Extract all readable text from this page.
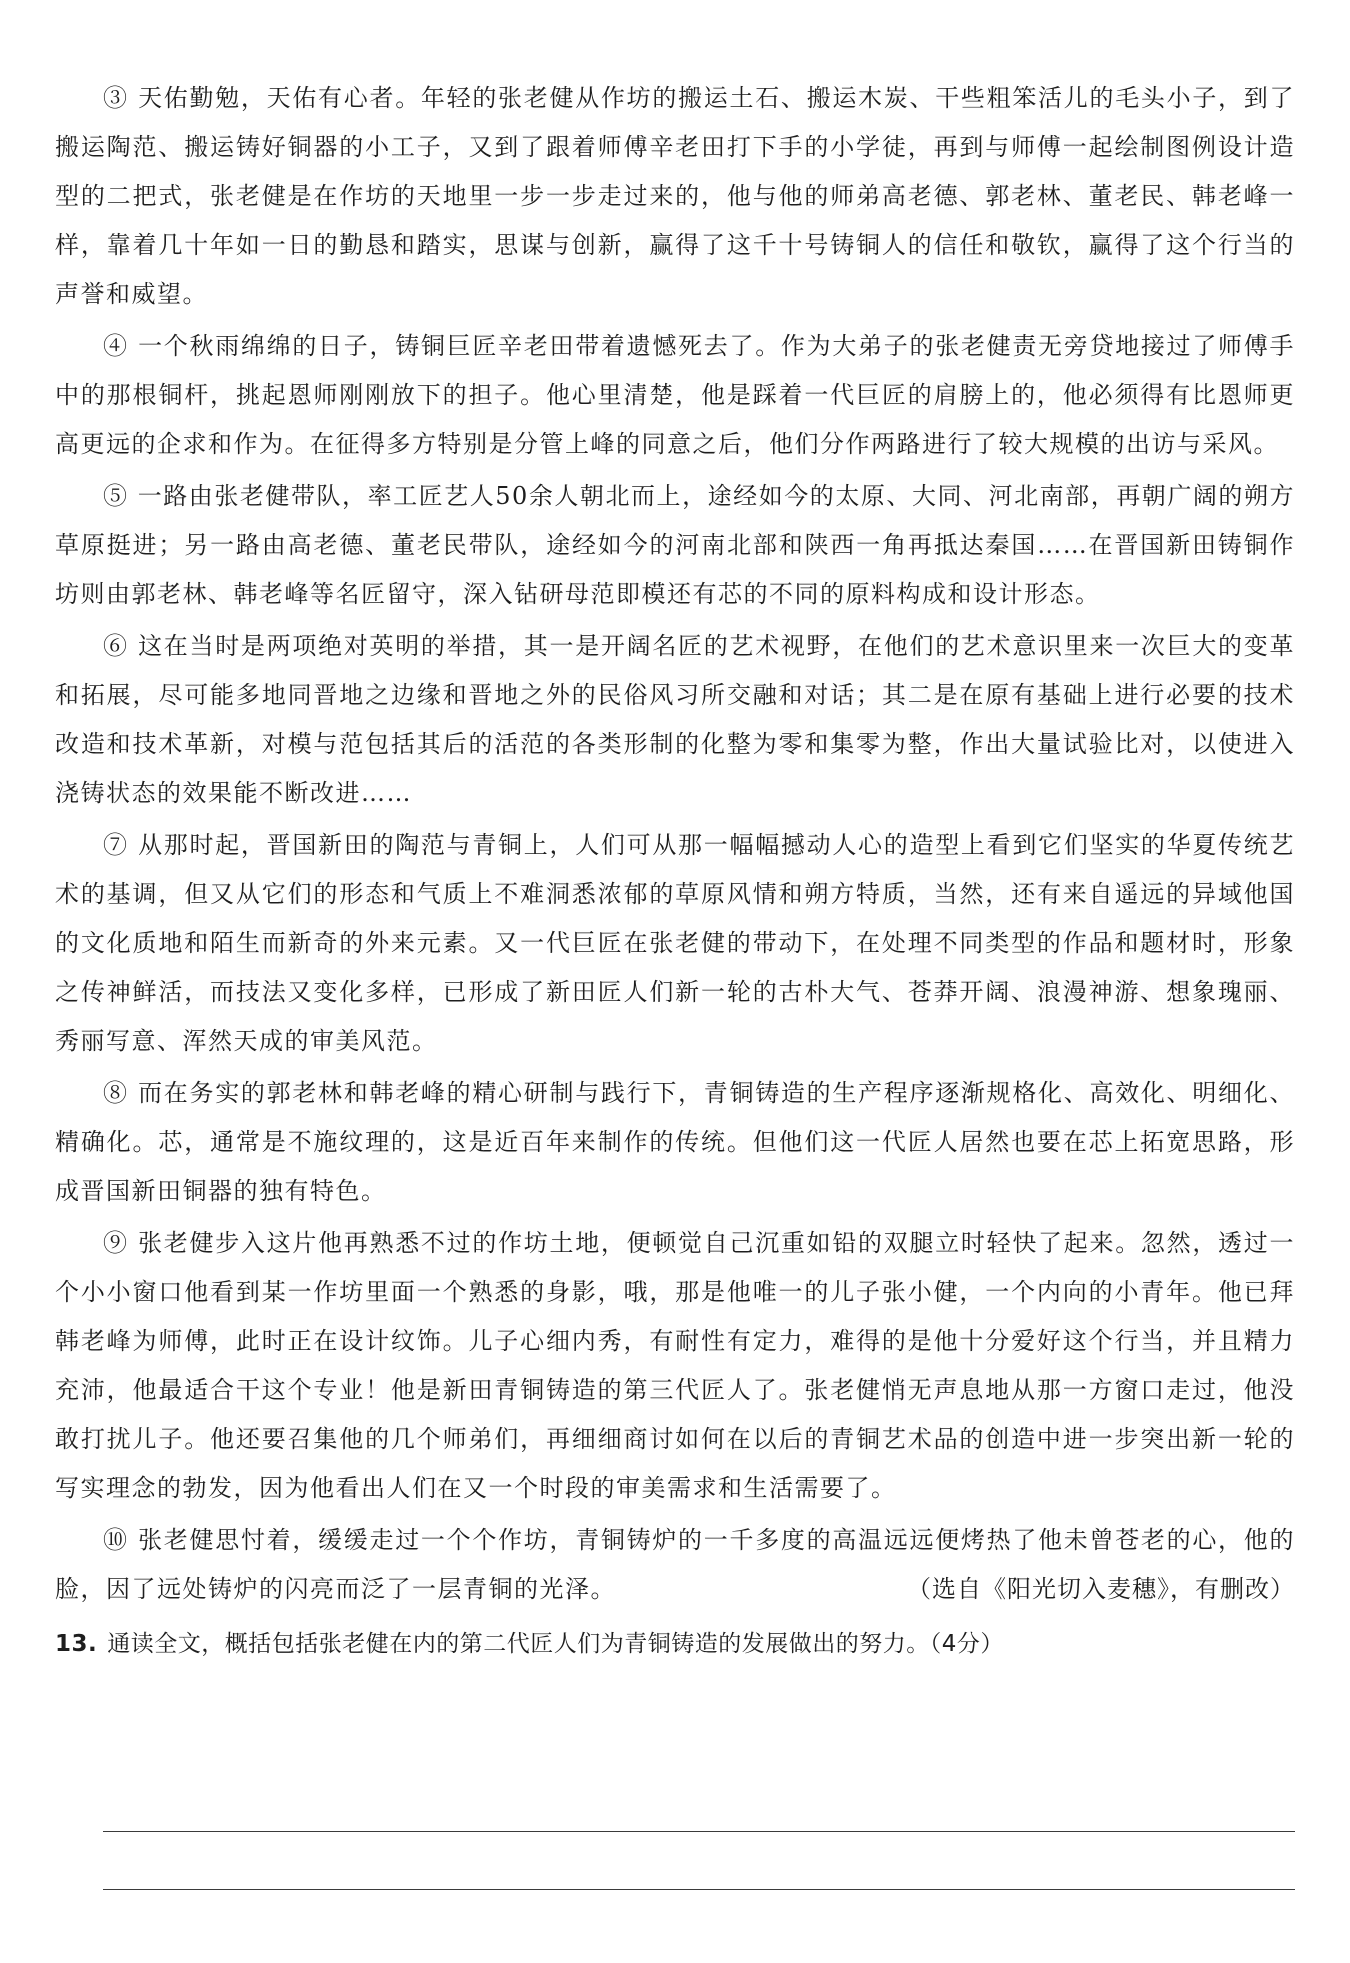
③ 天佑勤勉，天佑有心者。年轻的张老健从作坊的搬运土石、搬运木炭、干些粗笨活儿的毛头小子，到了搬运陶范、搬运铸好铜器的小工子，又到了跟着师傅辛老田打下手的小学徒，再到与师傅一起绘制图例设计造型的二把式，张老健是在作坊的天地里一步一步走过来的，他与他的师弟高老德、郭老林、董老民、韩老峰一样，靠着几十年如一日的勤恳和踏实，思谋与创新，赢得了这千十号铸铜人的信任和敬钦，赢得了这个行当的声誉和威望。

④ 一个秋雨绵绵的日子，铸铜巨匠辛老田带着遗憾死去了。作为大弟子的张老健责无旁贷地接过了师傅手中的那根铜杆，挑起恩师刚刚放下的担子。他心里清楚，他是踩着一代巨匠的肩膀上的，他必须得有比恩师更高更远的企求和作为。在征得多方特别是分管上峰的同意之后，他们分作两路进行了较大规模的出访与采风。

⑤ 一路由张老健带队，率工匠艺人50余人朝北而上，途经如今的太原、大同、河北南部，再朝广阔的朔方草原挺进；另一路由高老德、董老民带队，途经如今的河南北部和陕西一角再抵达秦国……在晋国新田铸铜作坊则由郭老林、韩老峰等名匠留守，深入钻研母范即模还有芯的不同的原料构成和设计形态。

⑥ 这在当时是两项绝对英明的举措，其一是开阔名匠的艺术视野，在他们的艺术意识里来一次巨大的变革和拓展，尽可能多地同晋地之边缘和晋地之外的民俗风习所交融和对话；其二是在原有基础上进行必要的技术改造和技术革新，对模与范包括其后的活范的各类形制的化整为零和集零为整，作出大量试验比对，以使进入浇铸状态的效果能不断改进……

⑦ 从那时起，晋国新田的陶范与青铜上，人们可从那一幅幅撼动人心的造型上看到它们坚实的华夏传统艺术的基调，但又从它们的形态和气质上不难洞悉浓郁的草原风情和朔方特质，当然，还有来自遥远的异域他国的文化质地和陌生而新奇的外来元素。又一代巨匠在张老健的带动下，在处理不同类型的作品和题材时，形象之传神鲜活，而技法又变化多样，已形成了新田匠人们新一轮的古朴大气、苍莽开阔、浪漫神游、想象瑰丽、秀丽写意、浑然天成的审美风范。

⑧ 而在务实的郭老林和韩老峰的精心研制与践行下，青铜铸造的生产程序逐渐规格化、高效化、明细化、精确化。芯，通常是不施纹理的，这是近百年来制作的传统。但他们这一代匠人居然也要在芯上拓宽思路，形成晋国新田铜器的独有特色。

⑨ 张老健步入这片他再熟悉不过的作坊土地，便顿觉自己沉重如铅的双腿立时轻快了起来。忽然，透过一个小小窗口他看到某一作坊里面一个熟悉的身影，哦，那是他唯一的儿子张小健，一个内向的小青年。他已拜韩老峰为师傅，此时正在设计纹饰。儿子心细内秀，有耐性有定力，难得的是他十分爱好这个行当，并且精力充沛，他最适合干这个专业！他是新田青铜铸造的第三代匠人了。张老健悄无声息地从那一方窗口走过，他没敢打扰儿子。他还要召集他的几个师弟们，再细细商讨如何在以后的青铜艺术品的创造中进一步突出新一轮的写实理念的勃发，因为他看出人们在又一个时段的审美需求和生活需要了。

⑩ 张老健思忖着，缓缓走过一个个作坊，青铜铸炉的一千多度的高温远远便烤热了他未曾苍老的心，他的脸，因了远处铸炉的闪亮而泛了一层青铜的光泽。	（选自《阳光切入麦穗》，有删改）

13. 通读全文，概括包括张老健在内的第二代匠人们为青铜铸造的发展做出的努力。（4分）
